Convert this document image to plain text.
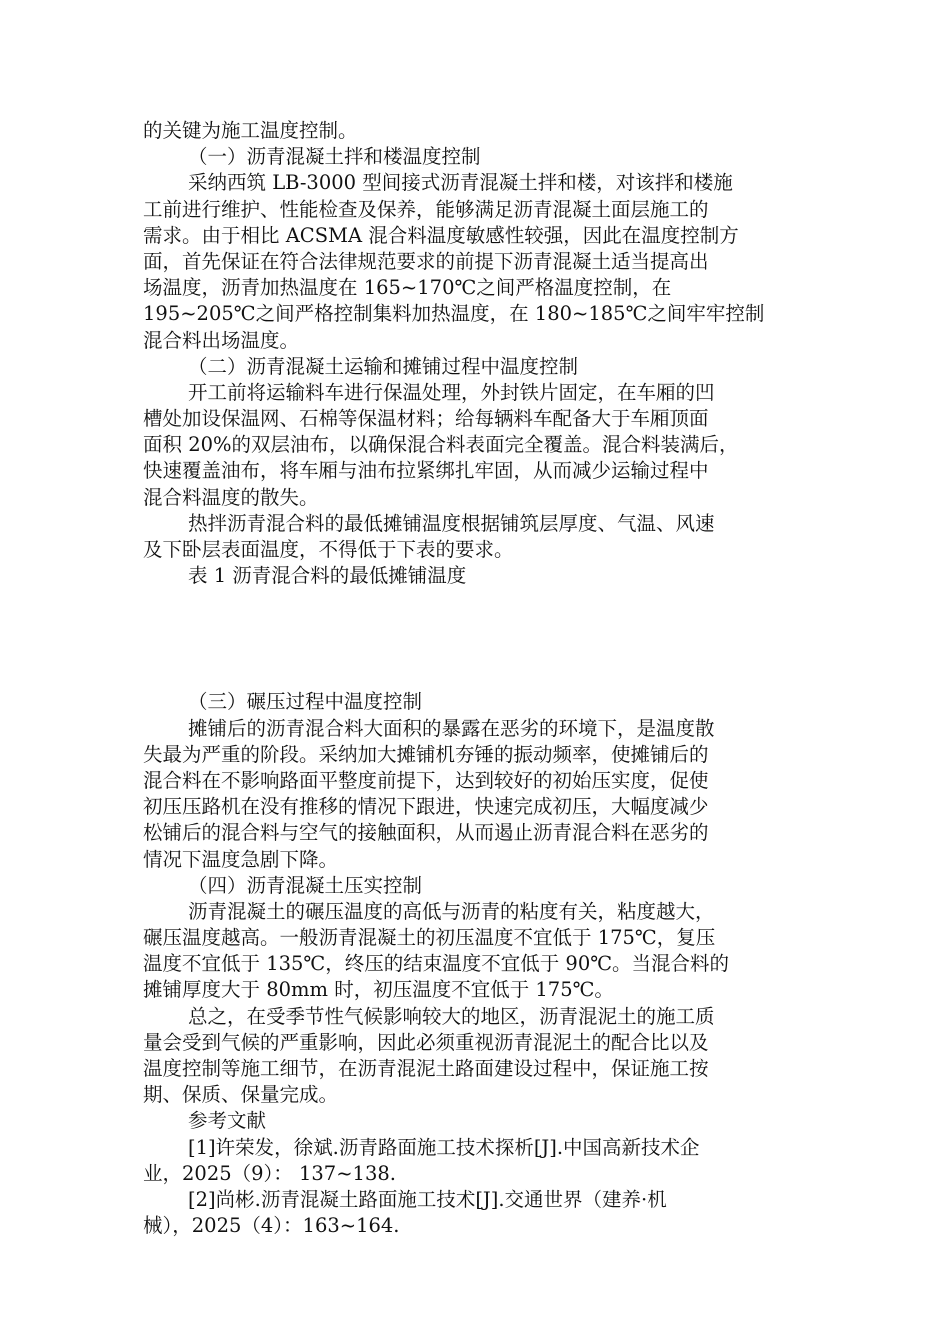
的关键为施工温度控制。
（一）沥青混凝土拌和楼温度控制
采纳西筑 LB-3000 型间接式沥青混凝土拌和楼，对该拌和楼施
工前进行维护、性能检查及保养，能够满足沥青混凝土面层施工的
需求。由于相比 ACSMA 混合料温度敏感性较强，因此在温度控制方
面，首先保证在符合法律规范要求的前提下沥青混凝土适当提高出
场温度，沥青加热温度在 165~170℃之间严格温度控制，在
195~205℃之间严格控制集料加热温度，在 180~185℃之间牢牢控制
混合料出场温度。
（二）沥青混凝土运输和摊铺过程中温度控制
开工前将运输料车进行保温处理，外封铁片固定，在车厢的凹
槽处加设保温网、石棉等保温材料；给每辆料车配备大于车厢顶面
面积 20%的双层油布，以确保混合料表面完全覆盖。混合料装满后，
快速覆盖油布，将车厢与油布拉紧绑扎牢固，从而减少运输过程中
混合料温度的散失。
热拌沥青混合料的最低摊铺温度根据铺筑层厚度、气温、风速
及下卧层表面温度，不得低于下表的要求。
表 1 沥青混合料的最低摊铺温度
（三）碾压过程中温度控制
摊铺后的沥青混合料大面积的暴露在恶劣的环境下，是温度散
失最为严重的阶段。采纳加大摊铺机夯锤的振动频率，使摊铺后的
混合料在不影响路面平整度前提下，达到较好的初始压实度，促使
初压压路机在没有推移的情况下跟进，快速完成初压，大幅度减少
松铺后的混合料与空气的接触面积，从而遏止沥青混合料在恶劣的
情况下温度急剧下降。
（四）沥青混凝土压实控制
沥青混凝土的碾压温度的高低与沥青的粘度有关，粘度越大，
碾压温度越高。一般沥青混凝土的初压温度不宜低于 175℃，复压
温度不宜低于 135℃，终压的结束温度不宜低于 90℃。当混合料的
摊铺厚度大于 80mm 时，初压温度不宜低于 175℃。
总之，在受季节性气候影响较大的地区，沥青混泥土的施工质
量会受到气候的严重影响，因此必须重视沥青混泥土的配合比以及
温度控制等施工细节，在沥青混泥土路面建设过程中，保证施工按
期、保质、保量完成。
参考文献
[1]许荣发，徐斌.沥青路面施工技术探析[J].中国高新技术企
业，2025（9）： 137~138.
[2]尚彬.沥青混凝土路面施工技术[J].交通世界（建养·机
械），2025（4）：163~164.
